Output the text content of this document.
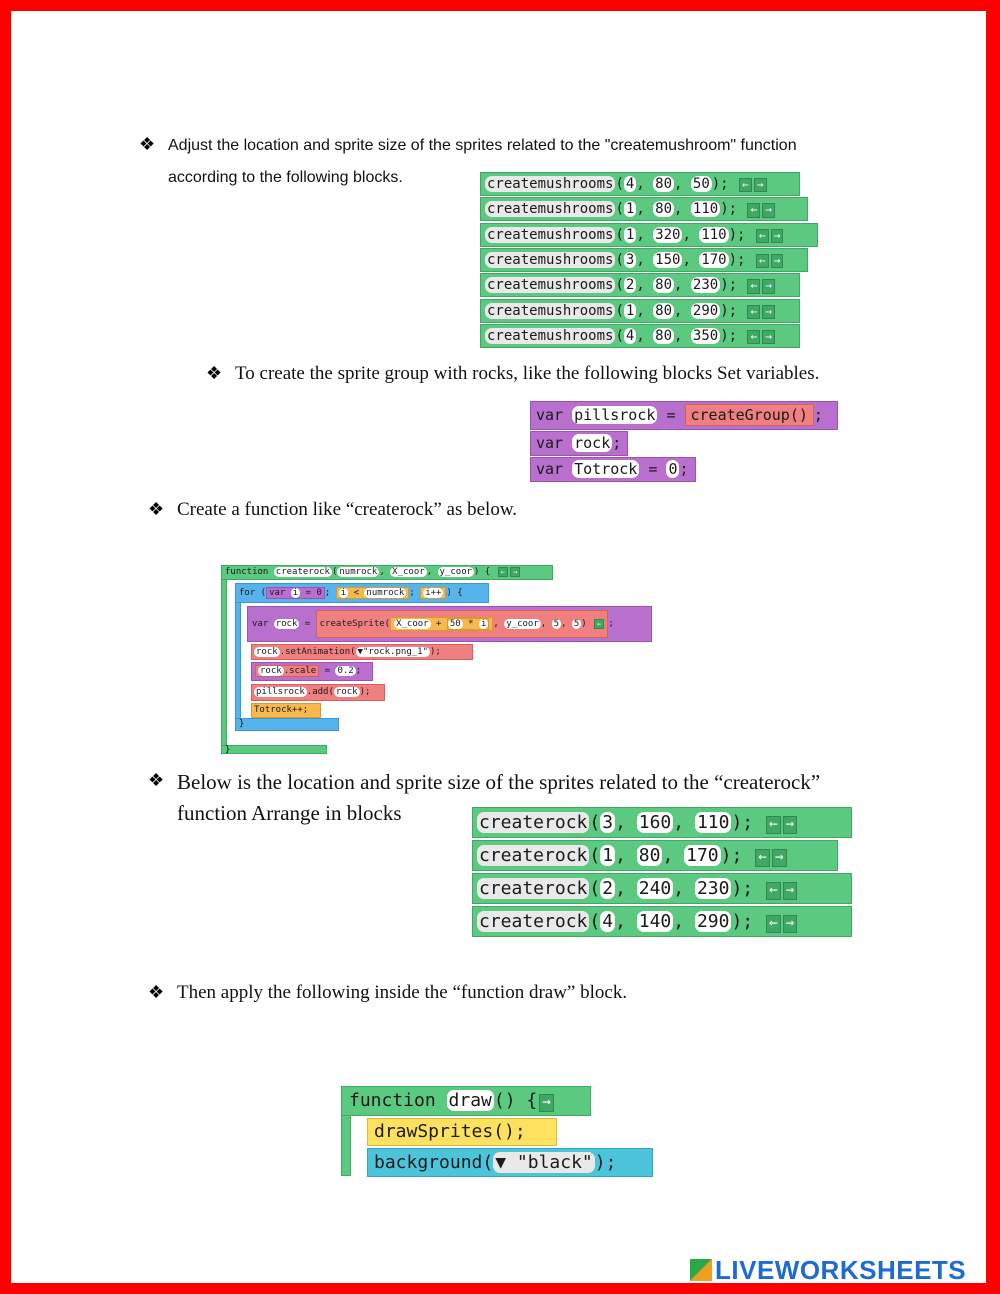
❖ Adjust the location and sprite size of the sprites related to the "createmushroom" function
according to the following blocks.	createmushrooms ( 4 , 80 , 50 ); ← →
createmushrooms ( 1 , 80 , 110 ); ← →
createmushrooms ( 1 , 320 , 110 ); ← →
createmushrooms ( 3 , 150 , 170 ); ← →
createmushrooms ( 2 , 80 , 230 ); ← →
createmushrooms ( 1 , 80 , 290 ); ← →
createmushrooms ( 4 , 80 , 350 ); ← →
❖ To create the sprite group with rocks, like the following blocks Set variables.
var pillsrock = createGroup() ;
var rock ;
var Totrock = 0 ;
❖ Create a function like “createrock” as below.
function createrock ( numrock , X_coor , y_coor ) { ← →
for ( var i = 0 ; i < numrock ; i++ ) {
var rock = createSprite( X_coor + 50 * i , y_coor , 5 , 5 ) ← ;
rock .setAnimation( ▼"rock.png_1" );
rock .scale = 0.2 ;
pillsrock .add( rock );
Totrock++;
}
}
❖ Below is the location and sprite size of the sprites related to the “createrock”
function Arrange in blocks	createrock ( 3 , 160 , 110 ); ← →
createrock ( 1 , 80 , 170 ); ← →
createrock ( 2 , 240 , 230 ); ← →
createrock ( 4 , 140 , 290 ); ← →
❖ Then apply the following inside the “function draw” block.
function draw () { →
drawSprites();
background( ▼ "black" );
LIVEWORKSHEETS
